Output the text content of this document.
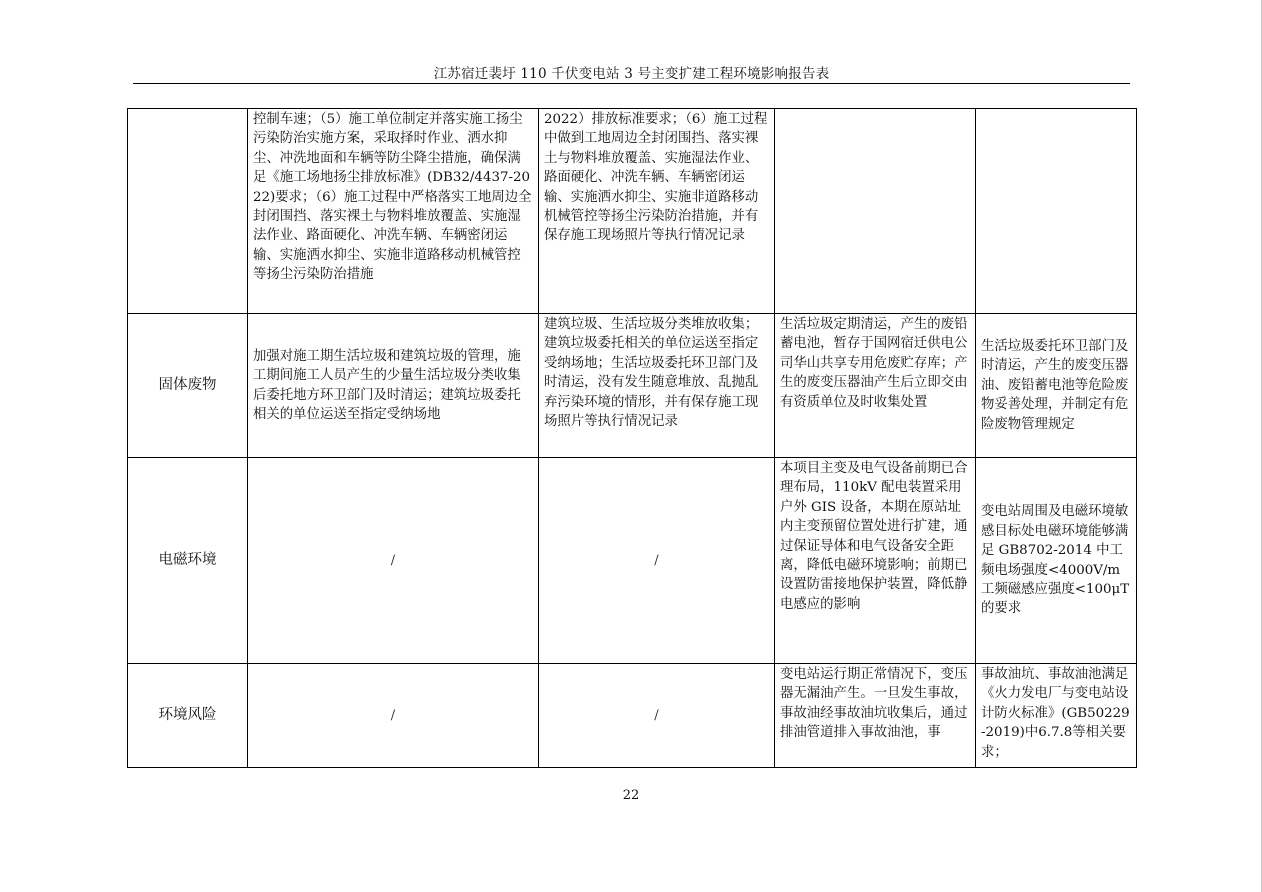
江苏宿迁裴圩 110 千伏变电站 3 号主变扩建工程环境影响报告表
	控制车速；（5）施工单位制定并落实施工扬尘污染防治实施方案，采取择时作业、洒水抑尘、冲洗地面和车辆等防尘降尘措施，确保满足《施工场地扬尘排放标准》(DB32/4437-2022)要求；（6）施工过程中严格落实工地周边全封闭围挡、落实裸土与物料堆放覆盖、实施湿法作业、路面硬化、冲洗车辆、车辆密闭运输、实施洒水抑尘、实施非道路移动机械管控等扬尘污染防治措施	2022）排放标准要求；（6）施工过程中做到工地周边全封闭围挡、落实裸土与物料堆放覆盖、实施湿法作业、路面硬化、冲洗车辆、车辆密闭运输、实施洒水抑尘、实施非道路移动机械管控等扬尘污染防治措施，并有保存施工现场照片等执行情况记录		
固体废物	加强对施工期生活垃圾和建筑垃圾的管理，施工期间施工人员产生的少量生活垃圾分类收集后委托地方环卫部门及时清运；建筑垃圾委托相关的单位运送至指定受纳场地	建筑垃圾、生活垃圾分类堆放收集；建筑垃圾委托相关的单位运送至指定受纳场地；生活垃圾委托环卫部门及时清运，没有发生随意堆放、乱抛乱弃污染环境的情形，并有保存施工现场照片等执行情况记录	生活垃圾定期清运，产生的废铅蓄电池，暂存于国网宿迁供电公司华山共享专用危废贮存库；产生的废变压器油产生后立即交由有资质单位及时收集处置	生活垃圾委托环卫部门及时清运，产生的废变压器油、废铅蓄电池等危险废物妥善处理，并制定有危险废物管理规定
电磁环境	/	/	本项目主变及电气设备前期已合理布局，110kV 配电装置采用户外 GIS 设备，本期在原站址内主变预留位置处进行扩建，通过保证导体和电气设备安全距离，降低电磁环境影响；前期已设置防雷接地保护装置，降低静电感应的影响	变电站周围及电磁环境敏感目标处电磁环境能够满足 GB8702-2014 中工频电场强度<4000V/m 工频磁感应强度<100μT 的要求
环境风险	/	/	变电站运行期正常情况下，变压器无漏油产生。一旦发生事故，事故油经事故油坑收集后，通过排油管道排入事故油池，事	事故油坑、事故油池满足《火力发电厂与变电站设计防火标准》(GB50229-2019)中6.7.8等相关要求；
22
